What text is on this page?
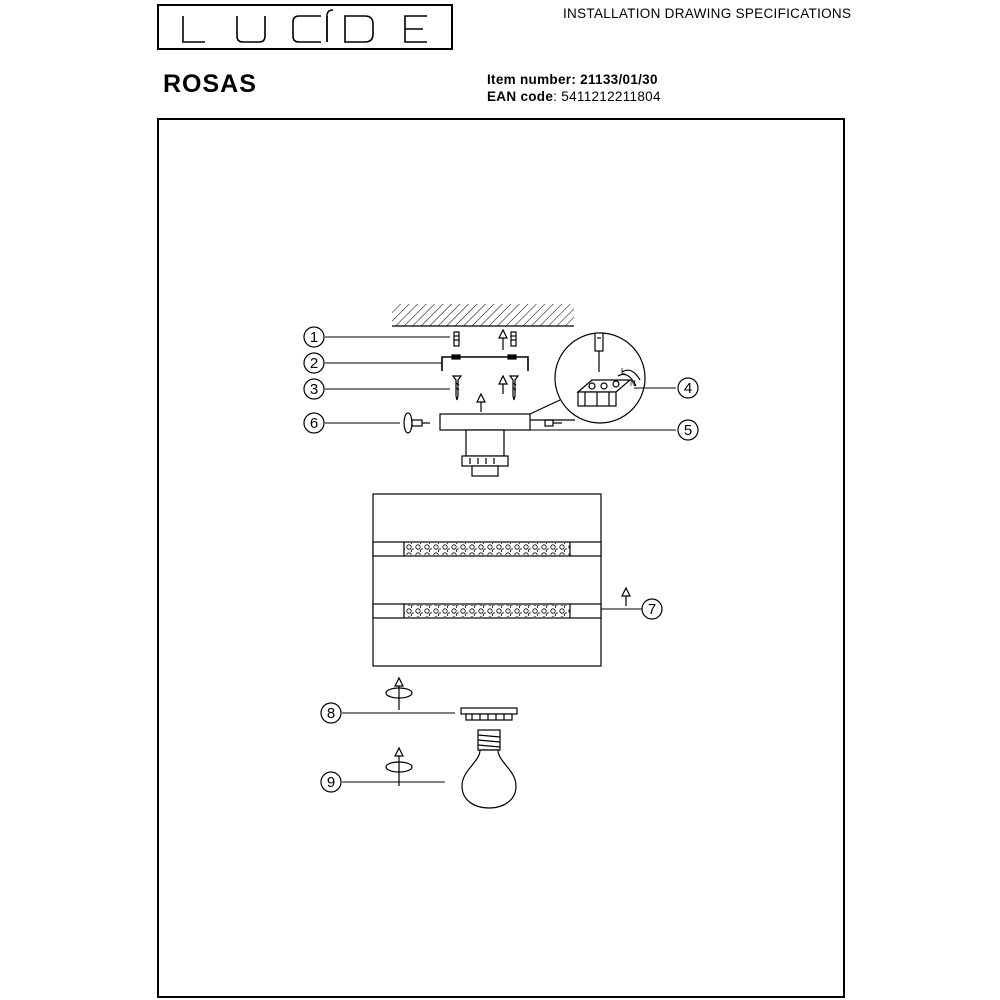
INSTALLATION DRAWING SPECIFICATIONS
ROSAS	Item number: 21133/01/30
EAN code: 5411212211804
L
N
1
2
3	4
5
6
7
8
9
